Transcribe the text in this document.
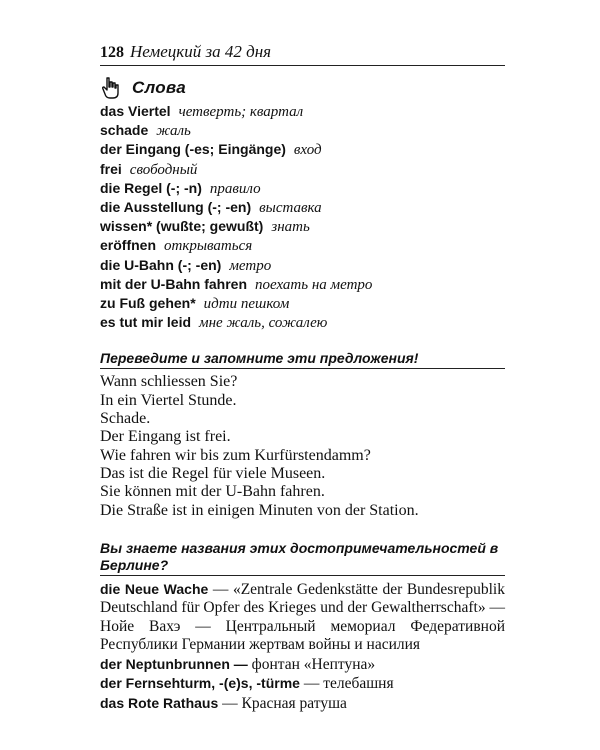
128 Немецкий за 42 дня
Слова
das Viertel четверть; квартал
schade жаль
der Eingang (-es; Eingänge) вход
frei свободный
die Regel (-; -n) правило
die Ausstellung (-; -en) выставка
wissen* (wußte; gewußt) знать
eröffnen открываться
die U-Bahn (-; -en) метро
mit der U-Bahn fahren поехать на метро
zu Fuß gehen* идти пешком
es tut mir leid мне жаль, сожалею
Переведите и запомните эти предложения!
Wann schliessen Sie?
In ein Viertel Stunde.
Schade.
Der Eingang ist frei.
Wie fahren wir bis zum Kurfürstendamm?
Das ist die Regel für viele Museen.
Sie können mit der U-Bahn fahren.
Die Straße ist in einigen Minuten von der Station.
Вы знаете названия этих достопримечательностей в Берлине?
die Neue Wache — «Zentrale Gedenkstätte der Bundesrepublik Deutschland für Opfer des Krieges und der Gewaltherrschaft» — Нойе Вахэ — Центральный мемориал Федеративной Республики Германии жертвам войны и насилия
der Neptunbrunnen — фонтан «Нептуна»
der Fernsehturm, -(e)s, -türme — телебашня
das Rote Rathaus — Красная ратуша
